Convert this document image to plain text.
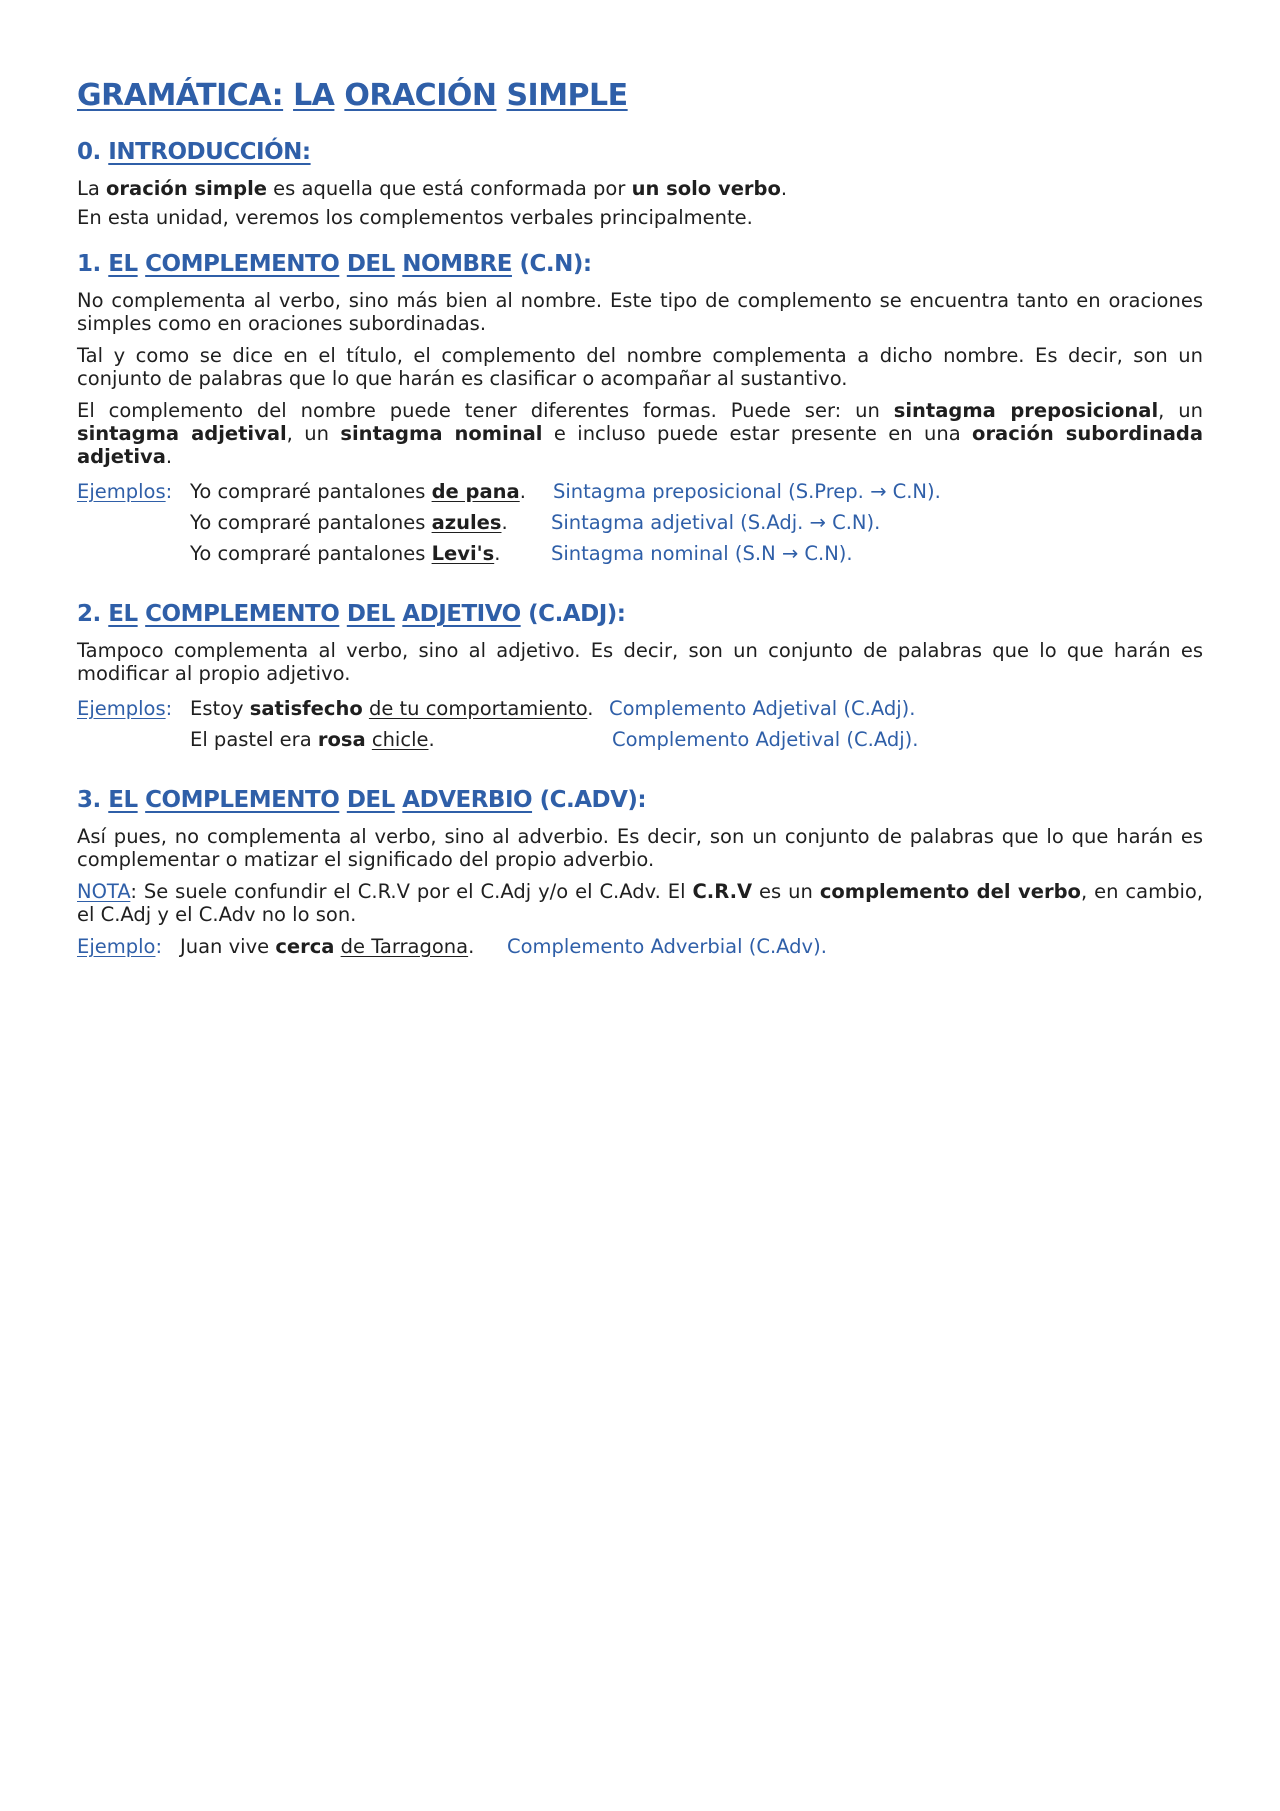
GRAMÁTICA: LA ORACIÓN SIMPLE
0. INTRODUCCIÓN:

La oración simple es aquella que está conformada por un solo verbo.

En esta unidad, veremos los complementos verbales principalmente.

1. EL COMPLEMENTO DEL NOMBRE (C.N):

No complementa al verbo, sino más bien al nombre. Este tipo de complemento se encuentra tanto en oraciones simples como en oraciones subordinadas.

Tal y como se dice en el título, el complemento del nombre complementa a dicho nombre. Es decir, son un conjunto de palabras que lo que harán es clasificar o acompañar al sustantivo.

El complemento del nombre puede tener diferentes formas. Puede ser: un sintagma preposicional, un sintagma adjetival, un sintagma nominal e incluso puede estar presente en una oración subordinada adjetiva.

Ejemplos: Yo compraré pantalones de pana. Sintagma preposicional (S.Prep. → C.N).
Yo compraré pantalones azules. Sintagma adjetival (S.Adj. → C.N).
Yo compraré pantalones Levi's.	Sintagma nominal (S.N → C.N).
2. EL COMPLEMENTO DEL ADJETIVO (C.ADJ):

Tampoco complementa al verbo, sino al adjetivo. Es decir, son un conjunto de palabras que lo que harán es modificar al propio adjetivo.

Ejemplos: Estoy satisfecho de tu comportamiento. Complemento Adjetival (C.Adj).
El pastel era rosa chicle.	Complemento Adjetival (C.Adj).
3. EL COMPLEMENTO DEL ADVERBIO (C.ADV):

Así pues, no complementa al verbo, sino al adverbio. Es decir, son un conjunto de palabras que lo que harán es complementar o matizar el significado del propio adverbio.

NOTA: Se suele confundir el C.R.V por el C.Adj y/o el C.Adv. El C.R.V es un complemento del verbo, en cambio, el C.Adj y el C.Adv no lo son.

Ejemplo: Juan vive cerca de Tarragona. Complemento Adverbial (C.Adv).
